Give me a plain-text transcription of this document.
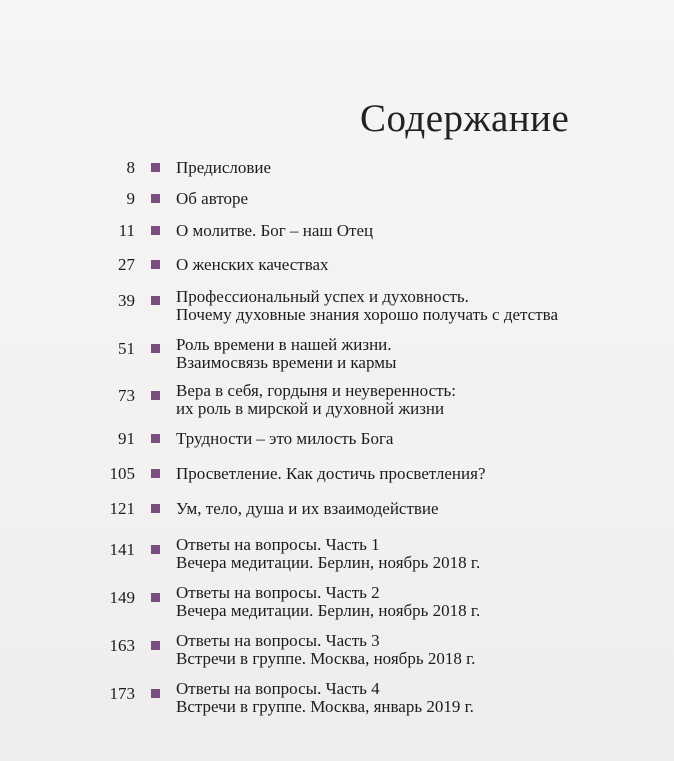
Содержание
8 Предисловие
9 Об авторе
11 О молитве. Бог – наш Отец
27 О женских качествах
39 Профессиональный успех и духовность.
Почему духовные знания хорошо получать с детства
51 Роль времени в нашей жизни.
Взаимосвязь времени и кармы
73 Вера в себя, гордыня и неуверенность:
их роль в мирской и духовной жизни
91 Трудности – это милость Бога
105 Просветление. Как достичь просветления?
121 Ум, тело, душа и их взаимодействие
141 Ответы на вопросы. Часть 1
Вечера медитации. Берлин, ноябрь 2018 г.
149 Ответы на вопросы. Часть 2
Вечера медитации. Берлин, ноябрь 2018 г.
163 Ответы на вопросы. Часть 3
Встречи в группе. Москва, ноябрь 2018 г.
173 Ответы на вопросы. Часть 4
Встречи в группе. Москва, январь 2019 г.
